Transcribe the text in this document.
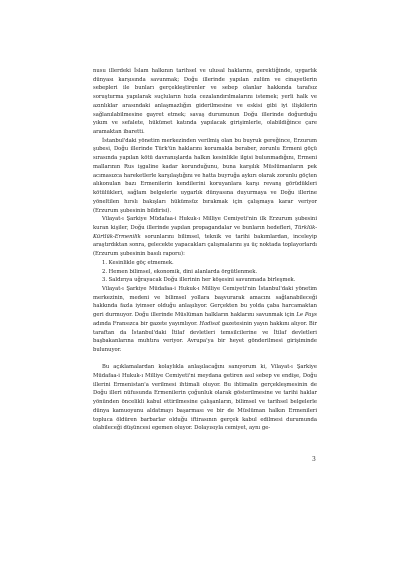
nusu illerdeki İslam halkının tarihsel ve ulusal haklarını, gerektiğinde, uygarlık dünyası karşısında savunmak; Doğu illerinde yapılan zulüm ve cinayetlerin sebepleri ile bunları gerçekleştirenler ve sebep olanlar hakkında tarafsız soruşturma yapılarak suçluların hızla cezalandırılmalarını istemek; yerli halk ve azınlıklar arasındaki anlaşmazlığın giderilmesine ve eskisi gibi iyi ilişkilerin sağlanılabilmesine gayret etmek; savaş durumunun Doğu illerinde doğurduğu yıkım ve sefalete, hükümet katında yapılacak girişimlerle, olabildiğince çare aramaktan ibaretti.

İstanbul'daki yönetim merkezinden verilmiş olan bu buyruk gereğince, Erzurum şubesi, Doğu illerinde Türk'ün haklarını korumakla beraber, zorunlu Ermeni göçü sırasında yapılan kötü davranışlarda halkın kesinlikle ilgisi bulunmadığını, Ermeni mallarının Rus işgaline kadar korunduğunu, buna karşılık Müslümanların pek acımasızca hareketlerle karşılaştığını ve hatta buyruğa aykırı olarak zorunlu göçten alıkonulan bazı Ermenilerin kendilerini koruyanlara karşı revanş görüdükleri kötülükleri, sağlam belgelerle uygarlık dünyasına duyurmaya ve Doğu illerine yöneltilen hırslı bakışları hükümsüz bırakmak için çalışmaya karar veriyor (Erzurum şubesinin bildirisi).

Vilayat-ı Şarkiye Müdafaa-i Hukuk-ı Milliye Cemiyeti'nin ilk Erzurum şubesini kuran kişiler, Doğu illerinde yapılan propagandalar ve bunların hedefleri, Türklük-Kürtlük-Ermenilik sorunlarını bilimsel, teknik ve tarihi bakımlardan, inceleyip araştırdıktan sonra, gelecekte yapacakları çalışmalarını şu üç noktada toplayorlardı (Erzurum şubesinin basılı raporu):

1. Kesinlikle göç etmemek.

2. Hemen bilimsel, ekonomik, dini alanlarda örgütlenmek.

3. Saldırıya uğrayacak Doğu illerinin her köşesini savunmada birleşmek.

Vilayat-ı Şarkiye Müdafaa-i Hukuk-ı Milliye Cemiyeti'nin İstanbul'daki yönetim merkezinin, medeni ve bilimsel yollara başvurarak amacını sağlanabileceği hakkında fazla iyimser olduğu anlaşılıyor. Gerçekten bu yolda çaba harcamaktan geri durmuyor. Doğu illerinde Müslüman halkların haklarını savunmak için Le Pays adında Fransızca bir gazete yayımlıyor. Hadisat gazetesinin yayın hakkını alıyor. Bir taraftan da İstanbul'daki İtilaf devletleri temsilcilerine ve İtilaf devletleri başbakanlarına muhtıra veriyor. Avrupa'ya bir heyet gönderilmesi girişiminde bulunuyor.

Bu açıklamalardan kolaylıkla anlaşılacağını sanıyorum ki, Vilayat-ı Şarkiye Müdafaa-i Hukuk-ı Milliye Cemiyeti'ni meydana getiren asıl sebep ve endişe, Doğu illerini Ermenistan'a verilmesi ihtimali oluyor. Bu ihtimalin gerçekleşmesinin de Doğu illeri nüfusunda Ermenilerin çoğunluk olarak gösterilmesine ve tarihi haklar yönünden öncelikli kabul ettirilmesine çalışanların, bilimsel ve tarihsel belgelerle dünya kamuoyunu aldatmayı başarması ve bir de Müslüman halkın Ermenileri topluca öldüren barbarlar olduğu iftirasının gerçek kabul edilmesi durumunda olabileceği düşüncesi egemen oluyor. Dolayısıyla cemiyet, aynı ge-

3
